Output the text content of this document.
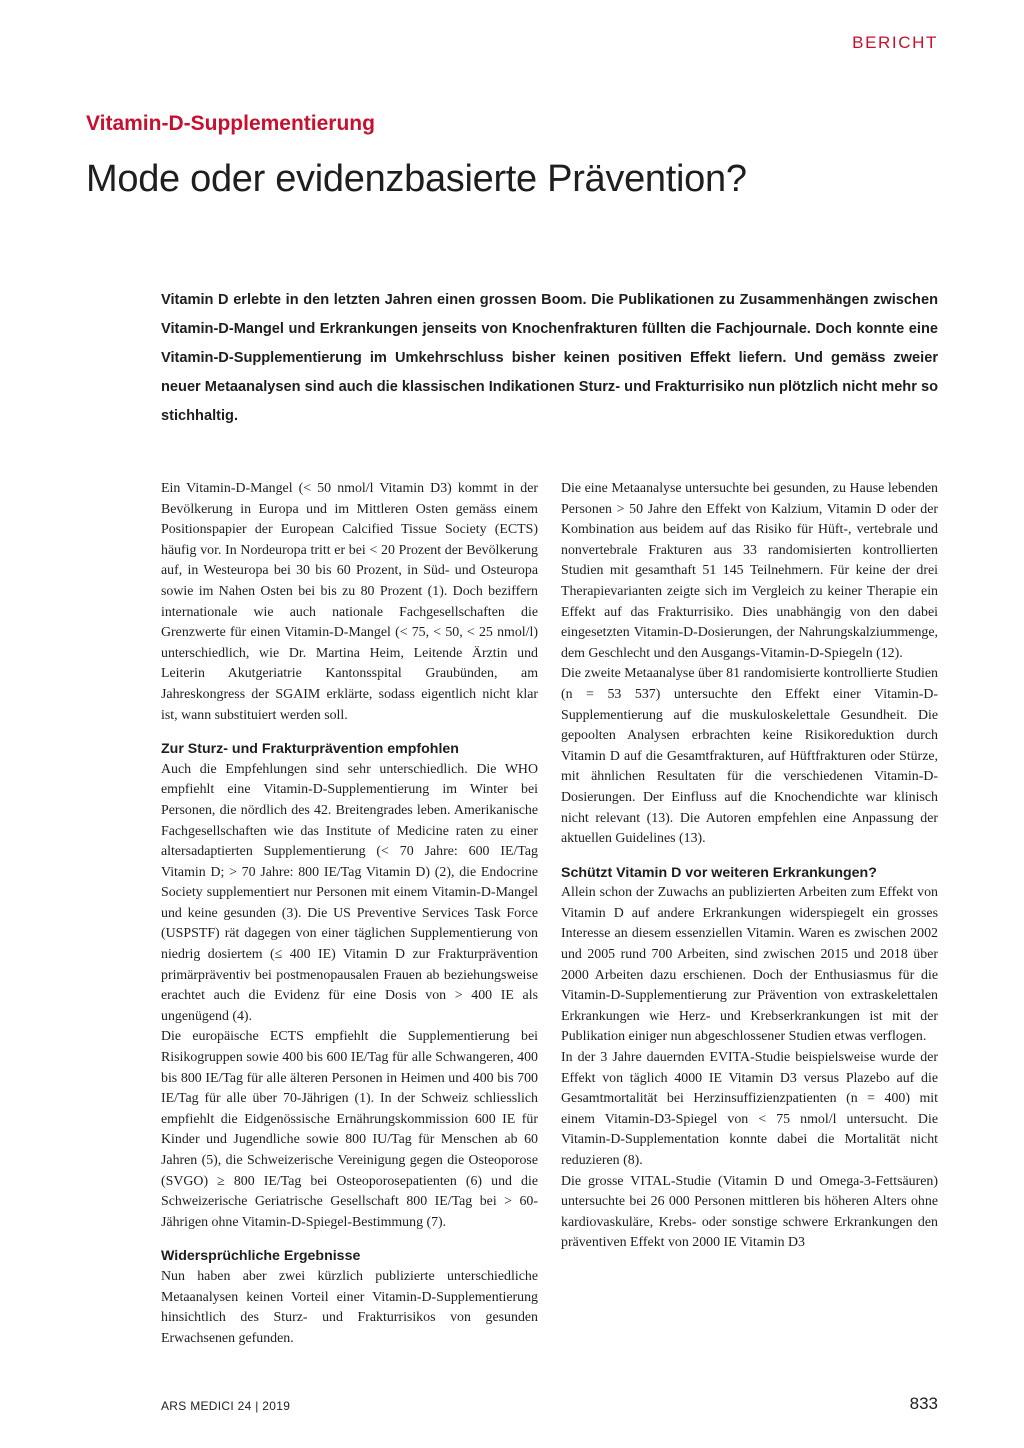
BERICHT
Vitamin-D-Supplementierung
Mode oder evidenzbasierte Prävention?

Vitamin D erlebte in den letzten Jahren einen grossen Boom. Die Publikationen zu Zusammenhängen zwischen Vitamin-D-Mangel und Erkrankungen jenseits von Knochenfrakturen füllten die Fachjournale. Doch konnte eine Vitamin-D-Supplementierung im Umkehrschluss bisher keinen positiven Effekt liefern. Und gemäss zweier neuer Metaanalysen sind auch die klassischen Indikationen Sturz- und Frakturrisiko nun plötzlich nicht mehr so stichhaltig.

Ein Vitamin-D-Mangel (< 50 nmol/l Vitamin D3) kommt in der Bevölkerung in Europa und im Mittleren Osten gemäss einem Positionspapier der European Calcified Tissue Society (ECTS) häufig vor. In Nordeuropa tritt er bei < 20 Prozent der Bevölkerung auf, in Westeuropa bei 30 bis 60 Prozent, in Süd- und Osteuropa sowie im Nahen Osten bei bis zu 80 Prozent (1). Doch beziffern internationale wie auch nationale Fachgesellschaften die Grenzwerte für einen Vitamin-D-Mangel (< 75, < 50, < 25 nmol/l) unterschiedlich, wie Dr. Martina Heim, Leitende Ärztin und Leiterin Akutgeriatrie Kantonsspital Graubünden, am Jahreskongress der SGAIM erklärte, sodass eigentlich nicht klar ist, wann substituiert werden soll.

Zur Sturz- und Frakturprävention empfohlen

Auch die Empfehlungen sind sehr unterschiedlich. Die WHO empfiehlt eine Vitamin-D-Supplementierung im Winter bei Personen, die nördlich des 42. Breitengrades leben. Amerikanische Fachgesellschaften wie das Institute of Medicine raten zu einer altersadaptierten Supplementierung (< 70 Jahre: 600 IE/Tag Vitamin D; > 70 Jahre: 800 IE/Tag Vitamin D) (2), die Endocrine Society supplementiert nur Personen mit einem Vitamin-D-Mangel und keine gesunden (3). Die US Preventive Services Task Force (USPSTF) rät dagegen von einer täglichen Supplementierung von niedrig dosiertem (≤ 400 IE) Vitamin D zur Frakturprävention primärpräventiv bei postmenopausalen Frauen ab beziehungsweise erachtet auch die Evidenz für eine Dosis von > 400 IE als ungenügend (4).

Die europäische ECTS empfiehlt die Supplementierung bei Risikogruppen sowie 400 bis 600 IE/Tag für alle Schwangeren, 400 bis 800 IE/Tag für alle älteren Personen in Heimen und 400 bis 700 IE/Tag für alle über 70-Jährigen (1). In der Schweiz schliesslich empfiehlt die Eidgenössische Ernährungskommission 600 IE für Kinder und Jugendliche sowie 800 IU/Tag für Menschen ab 60 Jahren (5), die Schweizerische Vereinigung gegen die Osteoporose (SVGO) ≥ 800 IE/Tag bei Osteoporosepatienten (6) und die Schweizerische Geriatrische Gesellschaft 800 IE/Tag bei > 60-Jährigen ohne Vitamin-D-Spiegel-Bestimmung (7).

Widersprüchliche Ergebnisse

Nun haben aber zwei kürzlich publizierte unterschiedliche Metaanalysen keinen Vorteil einer Vitamin-D-Supplementierung hinsichtlich des Sturz- und Frakturrisikos von gesunden Erwachsenen gefunden.

Die eine Metaanalyse untersuchte bei gesunden, zu Hause lebenden Personen > 50 Jahre den Effekt von Kalzium, Vitamin D oder der Kombination aus beidem auf das Risiko für Hüft-, vertebrale und nonvertebrale Frakturen aus 33 randomisierten kontrollierten Studien mit gesamthaft 51 145 Teilnehmern. Für keine der drei Therapievarianten zeigte sich im Vergleich zu keiner Therapie ein Effekt auf das Frakturrisiko. Dies unabhängig von den dabei eingesetzten Vitamin-D-Dosierungen, der Nahrungskalziummenge, dem Geschlecht und den Ausgangs-Vitamin-D-Spiegeln (12).

Die zweite Metaanalyse über 81 randomisierte kontrollierte Studien (n = 53 537) untersuchte den Effekt einer Vitamin-D-Supplementierung auf die muskuloskelettale Gesundheit. Die gepoolten Analysen erbrachten keine Risikoreduktion durch Vitamin D auf die Gesamtfrakturen, auf Hüftfrakturen oder Stürze, mit ähnlichen Resultaten für die verschiedenen Vitamin-D-Dosierungen. Der Einfluss auf die Knochendichte war klinisch nicht relevant (13). Die Autoren empfehlen eine Anpassung der aktuellen Guidelines (13).

Schützt Vitamin D vor weiteren Erkrankungen?

Allein schon der Zuwachs an publizierten Arbeiten zum Effekt von Vitamin D auf andere Erkrankungen widerspiegelt ein grosses Interesse an diesem essenziellen Vitamin. Waren es zwischen 2002 und 2005 rund 700 Arbeiten, sind zwischen 2015 und 2018 über 2000 Arbeiten dazu erschienen. Doch der Enthusiasmus für die Vitamin-D-Supplementierung zur Prävention von extraskelettalen Erkrankungen wie Herz- und Krebserkrankungen ist mit der Publikation einiger nun abgeschlossener Studien etwas verflogen.

In der 3 Jahre dauernden EVITA-Studie beispielsweise wurde der Effekt von täglich 4000 IE Vitamin D3 versus Plazebo auf die Gesamtmortalität bei Herzinsuffizienzpatienten (n = 400) mit einem Vitamin-D3-Spiegel von < 75 nmol/l untersucht. Die Vitamin-D-Supplementation konnte dabei die Mortalität nicht reduzieren (8).

Die grosse VITAL-Studie (Vitamin D und Omega-3-Fettsäuren) untersuchte bei 26 000 Personen mittleren bis höheren Alters ohne kardiovaskuläre, Krebs- oder sonstige schwere Erkrankungen den präventiven Effekt von 2000 IE Vitamin D3

ARS MEDICI 24 | 2019	833
